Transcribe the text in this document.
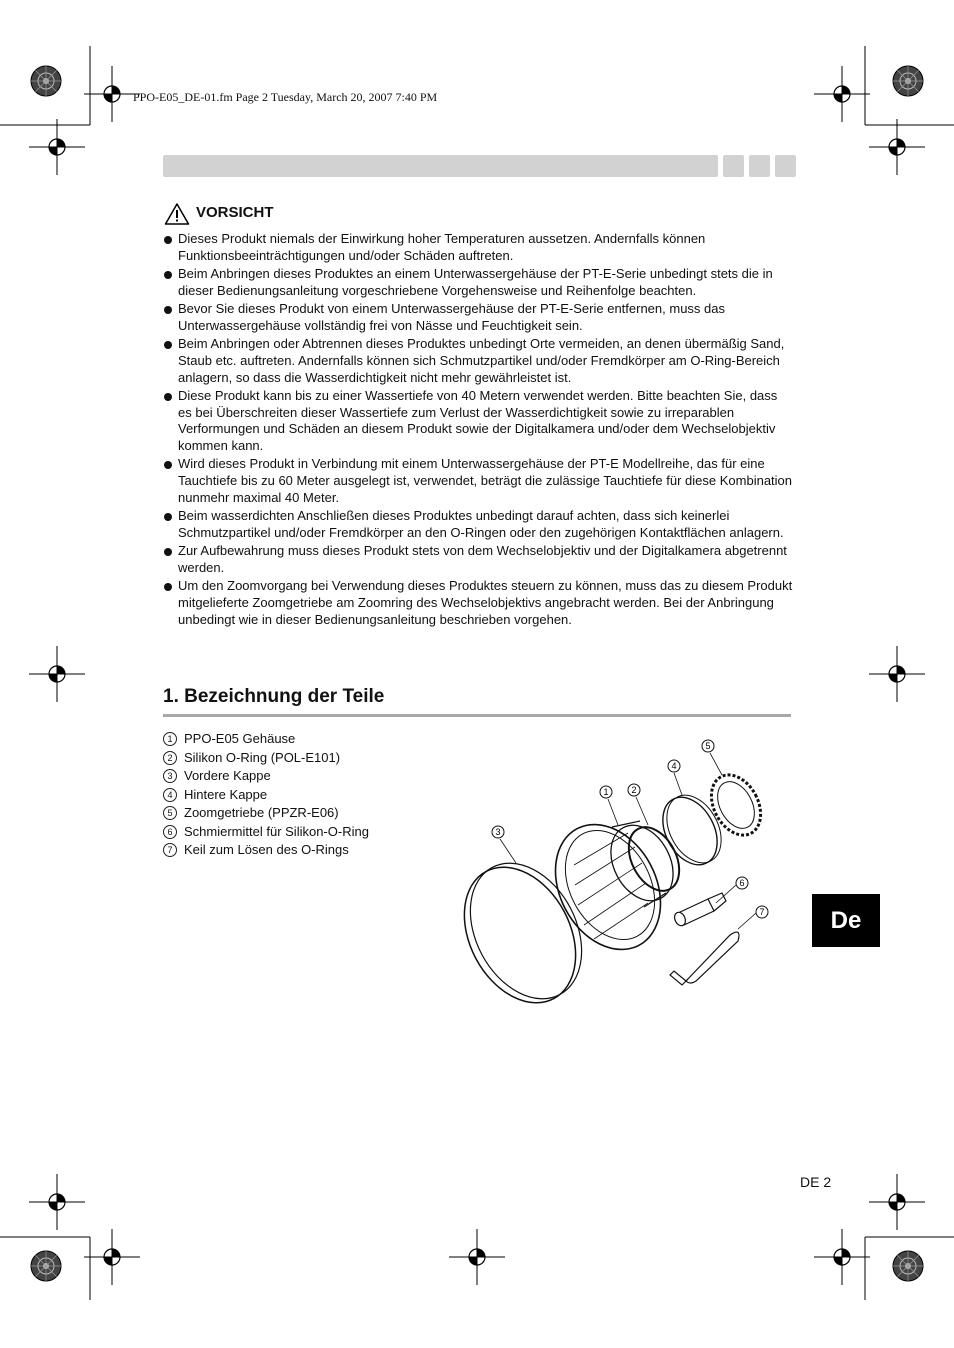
PPO-E05_DE-01.fm Page 2 Tuesday, March 20, 2007 7:40 PM
VORSICHT
Dieses Produkt niemals der Einwirkung hoher Temperaturen aussetzen. Andernfalls können Funktionsbeeinträchtigungen und/oder Schäden auftreten.
Beim Anbringen dieses Produktes an einem Unterwassergehäuse der PT-E-Serie unbedingt stets die in dieser Bedienungsanleitung vorgeschriebene Vorgehensweise und Reihenfolge beachten.
Bevor Sie dieses Produkt von einem Unterwassergehäuse der PT-E-Serie entfernen, muss das Unterwassergehäuse vollständig frei von Nässe und Feuchtigkeit sein.
Beim Anbringen oder Abtrennen dieses Produktes unbedingt Orte vermeiden, an denen übermäßig Sand, Staub etc. auftreten. Andernfalls können sich Schmutzpartikel und/oder Fremdkörper am O-Ring-Bereich anlagern, so dass die Wasserdichtigkeit nicht mehr gewährleistet ist.
Diese Produkt kann bis zu einer Wassertiefe von 40 Metern verwendet werden. Bitte beachten Sie, dass es bei Überschreiten dieser Wassertiefe zum Verlust der Wasserdichtigkeit sowie zu irreparablen Verformungen und Schäden an diesem Produkt sowie der Digitalkamera und/oder dem Wechselobjektiv kommen kann.
Wird dieses Produkt in Verbindung mit einem Unterwassergehäuse der PT-E Modellreihe, das für eine Tauchtiefe bis zu 60 Meter ausgelegt ist, verwendet, beträgt die zulässige Tauchtiefe für diese Kombination nunmehr maximal 40 Meter.
Beim wasserdichten Anschließen dieses Produktes unbedingt darauf achten, dass sich keinerlei Schmutzpartikel und/oder Fremdkörper an den O-Ringen oder den zugehörigen Kontaktflächen anlagern.
Zur Aufbewahrung muss dieses Produkt stets von dem Wechselobjektiv und der Digitalkamera abgetrennt werden.
Um den Zoomvorgang bei Verwendung dieses Produktes steuern zu können, muss das zu diesem Produkt mitgelieferte Zoomgetriebe am Zoomring des Wechselobjektivs angebracht werden. Bei der Anbringung unbedingt wie in dieser Bedienungsanleitung beschrieben vorgehen.
1. Bezeichnung der Teile
1 PPO-E05 Gehäuse
2 Silikon O-Ring (POL-E101)
3 Vordere Kappe
4 Hintere Kappe
5 Zoomgetriebe (PPZR-E06)
6 Schmiermittel für Silikon-O-Ring
7 Keil zum Lösen des O-Rings
3
1	2
4
5
6
7	De
DE 2
